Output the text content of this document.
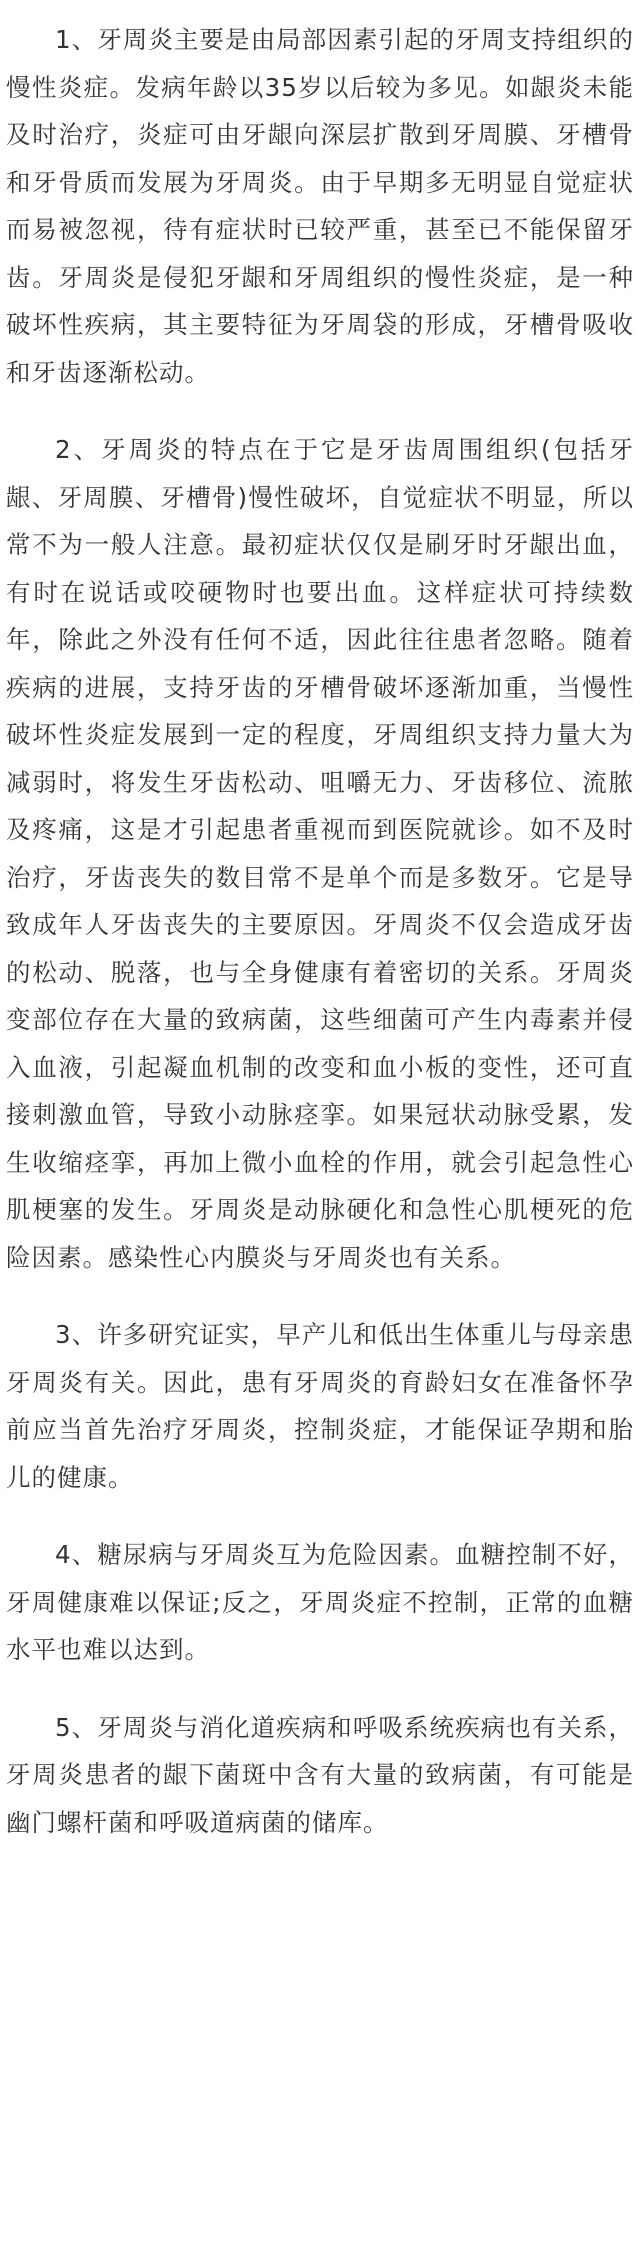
1、牙周炎主要是由局部因素引起的牙周支持组织的慢性炎症。发病年龄以35岁以后较为多见。如龈炎未能及时治疗，炎症可由牙龈向深层扩散到牙周膜、牙槽骨和牙骨质而发展为牙周炎。由于早期多无明显自觉症状而易被忽视，待有症状时已较严重，甚至已不能保留牙齿。牙周炎是侵犯牙龈和牙周组织的慢性炎症，是一种破坏性疾病，其主要特征为牙周袋的形成，牙槽骨吸收和牙齿逐渐松动。

2、牙周炎的特点在于它是牙齿周围组织(包括牙龈、牙周膜、牙槽骨)慢性破坏，自觉症状不明显，所以常不为一般人注意。最初症状仅仅是刷牙时牙龈出血，有时在说话或咬硬物时也要出血。这样症状可持续数年，除此之外没有任何不适，因此往往患者忽略。随着疾病的进展，支持牙齿的牙槽骨破坏逐渐加重，当慢性破坏性炎症发展到一定的程度，牙周组织支持力量大为减弱时，将发生牙齿松动、咀嚼无力、牙齿移位、流脓及疼痛，这是才引起患者重视而到医院就诊。如不及时治疗，牙齿丧失的数目常不是单个而是多数牙。它是导致成年人牙齿丧失的主要原因。牙周炎不仅会造成牙齿的松动、脱落，也与全身健康有着密切的关系。牙周炎变部位存在大量的致病菌，这些细菌可产生内毒素并侵入血液，引起凝血机制的改变和血小板的变性，还可直接刺激血管，导致小动脉痉挛。如果冠状动脉受累，发生收缩痉挛，再加上微小血栓的作用，就会引起急性心肌梗塞的发生。牙周炎是动脉硬化和急性心肌梗死的危险因素。感染性心内膜炎与牙周炎也有关系。

3、许多研究证实，早产儿和低出生体重儿与母亲患牙周炎有关。因此，患有牙周炎的育龄妇女在准备怀孕前应当首先治疗牙周炎，控制炎症，才能保证孕期和胎儿的健康。

4、糖尿病与牙周炎互为危险因素。血糖控制不好，牙周健康难以保证;反之，牙周炎症不控制，正常的血糖水平也难以达到。

5、牙周炎与消化道疾病和呼吸系统疾病也有关系，牙周炎患者的龈下菌斑中含有大量的致病菌，有可能是幽门螺杆菌和呼吸道病菌的储库。
